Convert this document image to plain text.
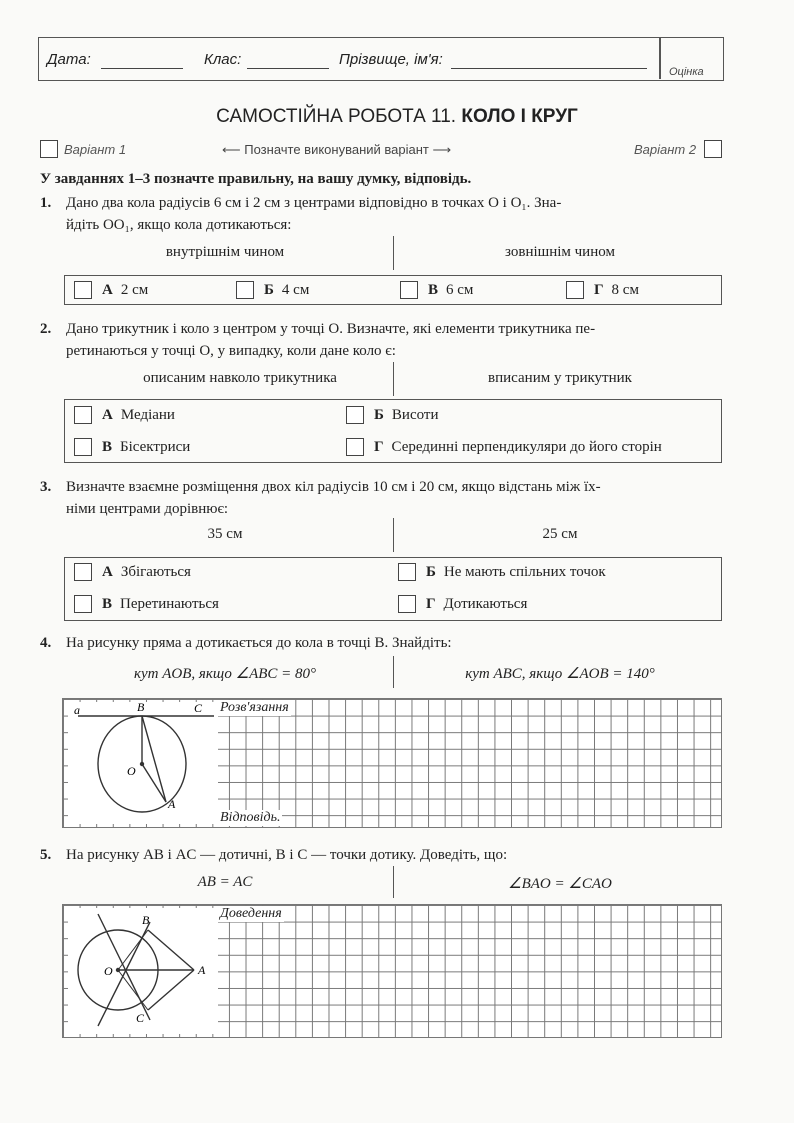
Дата:	Клас:	Прізвище, ім'я:
Оцінка
САМОСТІЙНА РОБОТА 11. КОЛО І КРУГ
Варіант 1	⟵ Позначте виконуваний варіант ⟶	Варіант 2
У завданнях 1–3 позначте правильну, на вашу думку, відповідь.
1. Дано два кола радіусів 6 см і 2 см з центрами відповідно в точках O і O₁. Зна-
йдіть OO₁, якщо кола дотикаються:
внутрішнім чином	зовнішнім чином
А 2 см	Б 4 см	В 6 см	Г 8 см
2. Дано трикутник і коло з центром у точці O. Визначте, які елементи трикутника пе-
ретинаються у точці O, у випадку, коли дане коло є:
описаним навколо трикутника	вписаним у трикутник
А Медіани	Б Висоти
В Бісектриси	Г Серединні перпендикуляри до його сторін
3. Визначте взаємне розміщення двох кіл радіусів 10 см і 20 см, якщо відстань між їх-
німи центрами дорівнює:
35 см	25 см
А Збігаються	Б Не мають спільних точок
В Перетинаються	Г Дотикаються
4. На рисунку пряма a дотикається до кола в точці B. Знайдіть:
кут AOB, якщо ∠ABC = 80°	кут ABC, якщо ∠AOB = 140°
Розв'язання
Відповідь.
a	B	C
O
A
5. На рисунку AB і AC — дотичні, B і C — точки дотику. Доведіть, що:
AB = AC	∠BAO = ∠CAO
Доведення
B
O	A
C
